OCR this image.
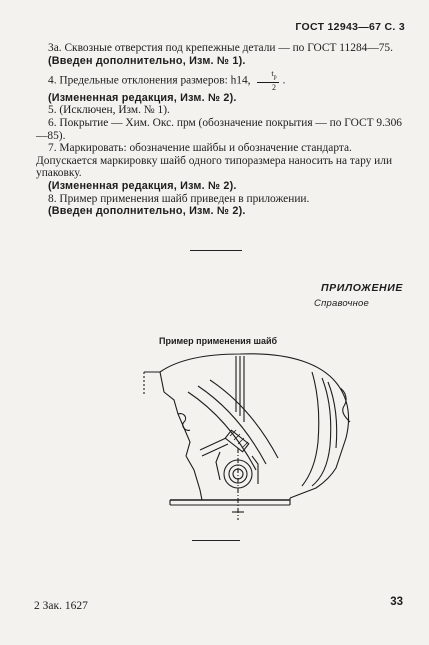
ГОСТ 12943—67 С. 3

3а. Сквозные отверстия под крепежные детали — по ГОСТ 11284—75.

(Введен дополнительно, Изм. № 1).

4. Предельные отклонения размеров: h14, $\frac{t_p}{2}$ .

(Измененная редакция, Изм. № 2).

5. (Исключен, Изм. № 1).

6. Покрытие — Хим. Окс. прм (обозначение покрытия — по ГОСТ 9.306—85).

7. Маркировать: обозначение шайбы и обозначение стандарта. Допускается маркировку шайб одного типоразмера наносить на тару или упаковку.

(Измененная редакция, Изм. № 2).

8. Пример применения шайб приведен в приложении.

(Введен дополнительно, Изм. № 2).

ПРИЛОЖЕНИЕ
Справочное
Пример применения шайб
2 Зак. 1627	33
